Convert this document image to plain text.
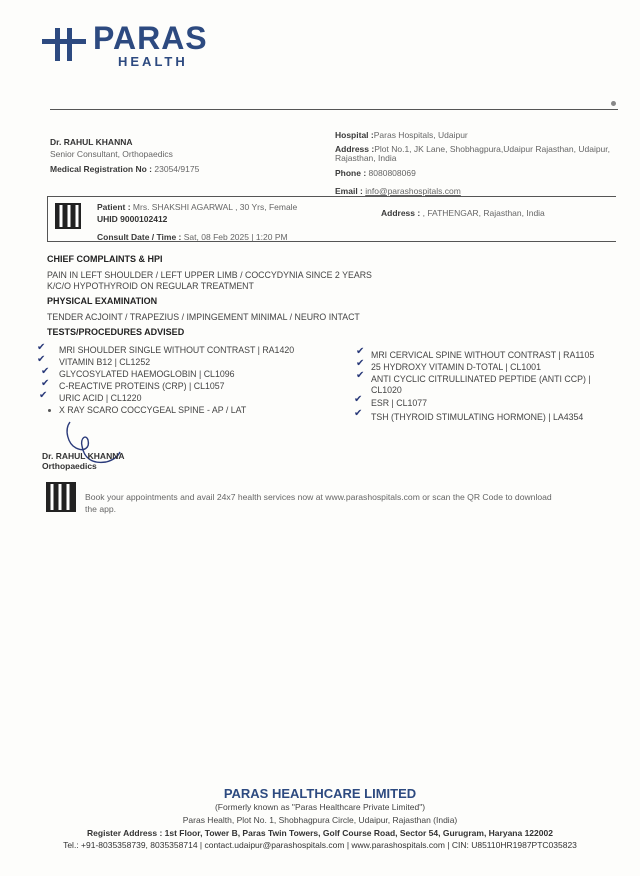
PARAS
HEALTH
Dr. RAHUL KHANNA
Senior Consultant, Orthopaedics
Medical Registration No : 23054/9175
Hospital :Paras Hospitals, Udaipur
Address :Plot No.1, JK Lane, Shobhagpura,Udaipur Rajasthan, Udaipur,
Rajasthan, India
Phone : 8080808069
Email : info@parashospitals.com
Patient : Mrs. SHAKSHI AGARWAL , 30 Yrs, Female
UHID 9000102412
Consult Date / Time : Sat, 08 Feb 2025 | 1:20 PM
Address : , FATHENGAR, Rajasthan, India
CHIEF COMPLAINTS & HPI
PAIN IN LEFT SHOULDER / LEFT UPPER LIMB / COCCYDYNIA SINCE 2 YEARS
K/C/O HYPOTHYROID ON REGULAR TREATMENT
PHYSICAL EXAMINATION
TENDER ACJOINT / TRAPEZIUS / IMPINGEMENT MINIMAL / NEURO INTACT
TESTS/PROCEDURES ADVISED
✔ MRI SHOULDER SINGLE WITHOUT CONTRAST | RA1420
✔ VITAMIN B12 | CL1252
✔ GLYCOSYLATED HAEMOGLOBIN | CL1096
✔ C-REACTIVE PROTEINS (CRP) | CL1057
✔ URIC ACID | CL1220
X RAY SCARO COCCYGEAL SPINE - AP / LAT
✔ MRI CERVICAL SPINE WITHOUT CONTRAST | RA1105
✔ 25 HYDROXY VITAMIN D-TOTAL | CL1001
✔ ANTI CYCLIC CITRULLINATED PEPTIDE (ANTI CCP) |
CL1020
✔ ESR | CL1077
✔ TSH (THYROID STIMULATING HORMONE) | LA4354
Dr. RAHUL KHANNA
Orthopaedics
Book your appointments and avail 24x7 health services now at www.parashospitals.com or scan the QR Code to download
the app.
PARAS HEALTHCARE LIMITED
(Formerly known as "Paras Healthcare Private Limited")
Paras Health, Plot No. 1, Shobhagpura Circle, Udaipur, Rajasthan (India)
Register Address : 1st Floor, Tower B, Paras Twin Towers, Golf Course Road, Sector 54, Gurugram, Haryana 122002
Tel.: +91-8035358739, 8035358714 | contact.udaipur@parashospitals.com | www.parashospitals.com | CIN: U85110HR1987PTC035823
